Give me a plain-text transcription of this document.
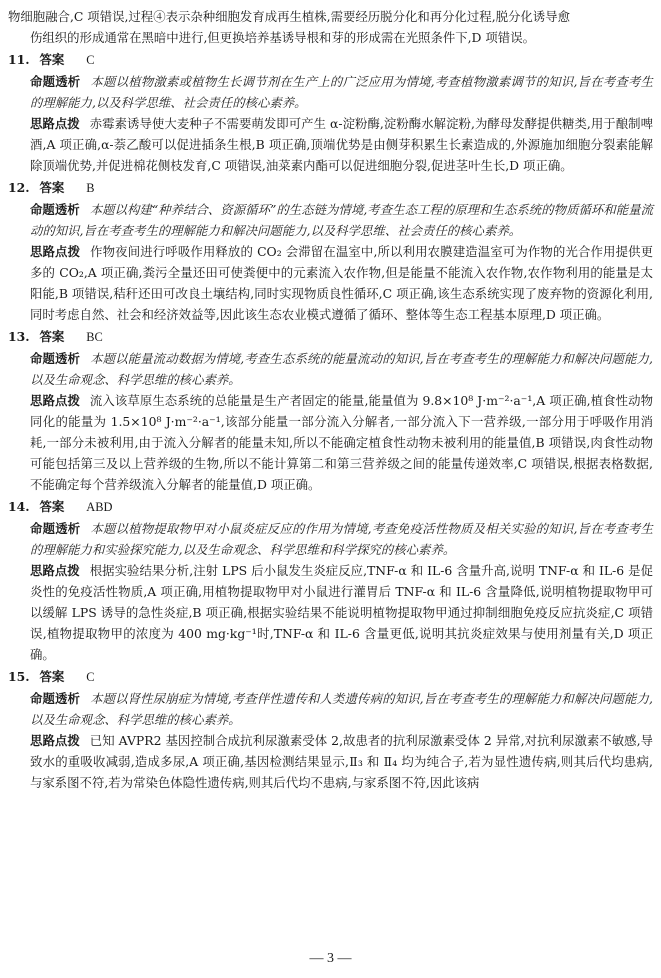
物细胞融合,C 项错误,过程④表示杂种细胞发育成再生植株,需要经历脱分化和再分化过程,脱分化诱导愈

伤组织的形成通常在黑暗中进行,但更换培养基诱导根和芽的形成需在光照条件下,D 项错误。

11. 答案 C

命题透析 本题以植物激素或植物生长调节剂在生产上的广泛应用为情境,考查植物激素调节的知识,旨在考查考生的理解能力,以及科学思维、社会责任的核心素养。

思路点拨 赤霉素诱导使大麦种子不需要萌发即可产生 α-淀粉酶,淀粉酶水解淀粉,为酵母发酵提供糖类,用于酿制啤酒,A 项正确,α-萘乙酸可以促进插条生根,B 项正确,顶端优势是由侧芽积累生长素造成的,外源施加细胞分裂素能解除顶端优势,并促进棉花侧枝发育,C 项错误,油菜素内酯可以促进细胞分裂,促进茎叶生长,D 项正确。

12. 答案 B

命题透析 本题以构建“种养结合、资源循环”的生态链为情境,考查生态工程的原理和生态系统的物质循环和能量流动的知识,旨在考查考生的理解能力和解决问题能力,以及科学思维、社会责任的核心素养。

思路点拨 作物夜间进行呼吸作用释放的 CO₂ 会滞留在温室中,所以利用农膜建造温室可为作物的光合作用提供更多的 CO₂,A 项正确,粪污全量还田可使粪便中的元素流入农作物,但是能量不能流入农作物,农作物利用的能量是太阳能,B 项错误,秸秆还田可改良土壤结构,同时实现物质良性循环,C 项正确,该生态系统实现了废弃物的资源化利用,同时考虑自然、社会和经济效益等,因此该生态农业模式遵循了循环、整体等生态工程基本原理,D 项正确。

13. 答案 BC

命题透析 本题以能量流动数据为情境,考查生态系统的能量流动的知识,旨在考查考生的理解能力和解决问题能力,以及生命观念、科学思维的核心素养。

思路点拨 流入该草原生态系统的总能量是生产者固定的能量,能量值为 9.8×10⁸ J·m⁻²·a⁻¹,A 项正确,植食性动物同化的能量为 1.5×10⁸ J·m⁻²·a⁻¹,该部分能量一部分流入分解者,一部分流入下一营养级,一部分用于呼吸作用消耗,一部分未被利用,由于流入分解者的能量未知,所以不能确定植食性动物未被利用的能量值,B 项错误,肉食性动物可能包括第三及以上营养级的生物,所以不能计算第二和第三营养级之间的能量传递效率,C 项错误,根据表格数据,不能确定每个营养级流入分解者的能量值,D 项正确。

14. 答案 ABD

命题透析 本题以植物提取物甲对小鼠炎症反应的作用为情境,考查免疫活性物质及相关实验的知识,旨在考查考生的理解能力和实验探究能力,以及生命观念、科学思维和科学探究的核心素养。

思路点拨 根据实验结果分析,注射 LPS 后小鼠发生炎症反应,TNF-α 和 IL-6 含量升高,说明 TNF-α 和 IL-6 是促炎性的免疫活性物质,A 项正确,用植物提取物甲对小鼠进行灌胃后 TNF-α 和 IL-6 含量降低,说明植物提取物甲可以缓解 LPS 诱导的急性炎症,B 项正确,根据实验结果不能说明植物提取物甲通过抑制细胞免疫反应抗炎症,C 项错误,植物提取物甲的浓度为 400 mg·kg⁻¹时,TNF-α 和 IL-6 含量更低,说明其抗炎症效果与使用剂量有关,D 项正确。

15. 答案 C

命题透析 本题以肾性尿崩症为情境,考查伴性遗传和人类遗传病的知识,旨在考查考生的理解能力和解决问题能力,以及生命观念、科学思维的核心素养。

思路点拨 已知 AVPR2 基因控制合成抗利尿激素受体 2,故患者的抗利尿激素受体 2 异常,对抗利尿激素不敏感,导致水的重吸收减弱,造成多尿,A 项正确,基因检测结果显示,Ⅱ₃ 和 Ⅱ₄ 均为纯合子,若为显性遗传病,则其后代均患病,与家系图不符,若为常染色体隐性遗传病,则其后代均不患病,与家系图不符,因此该病

— 3 —
